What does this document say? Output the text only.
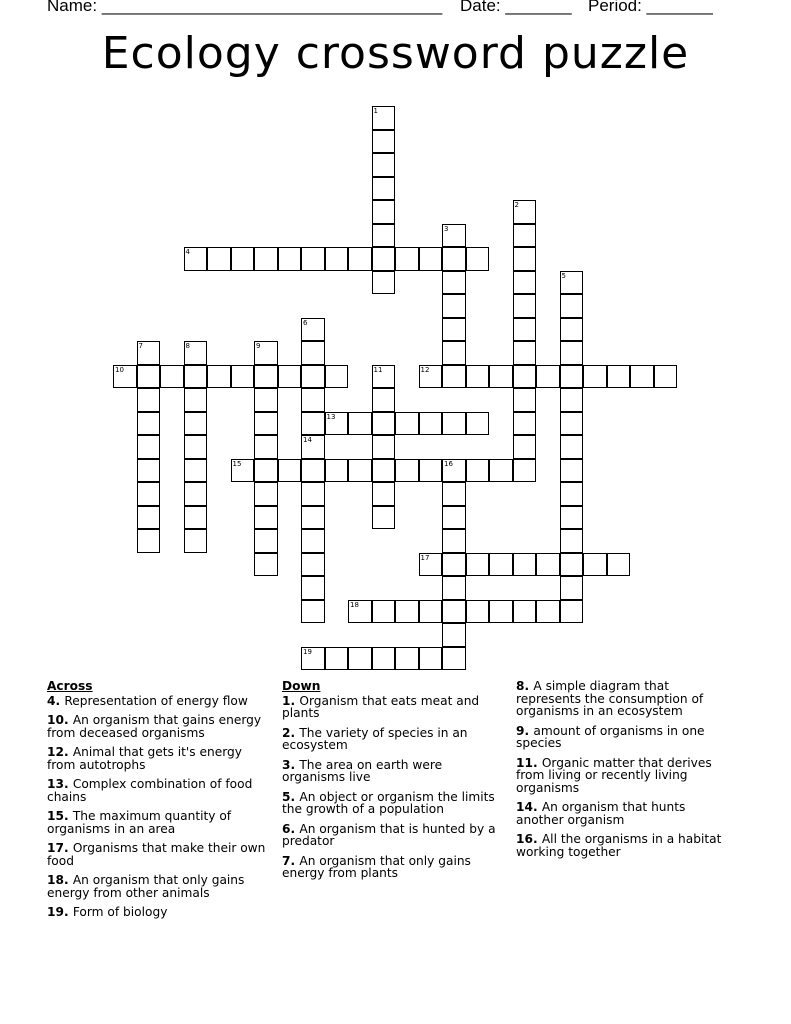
Name: ____________________________________ Date: _______ Period: _______
Ecology crossword puzzle
1
2
3
4
5
6
14
7	8	9
10	11	12
13
15	16
17
18
19
Across
4. Representation of energy flow
10. An organism that gains energy from deceased organisms
12. Animal that gets it's energy from autotrophs
13. Complex combination of food chains
15. The maximum quantity of organisms in an area
17. Organisms that make their own food
18. An organism that only gains energy from other animals
19. Form of biology
Down
1. Organism that eats meat and plants
2. The variety of species in an ecosystem
3. The area on earth were organisms live
5. An object or organism the limits the growth of a population
6. An organism that is hunted by a predator
7. An organism that only gains energy from plants
8. A simple diagram that represents the consumption of organisms in an ecosystem
9. amount of organisms in one species
11. Organic matter that derives from living or recently living organisms
14. An organism that hunts another organism
16. All the organisms in a habitat working together
